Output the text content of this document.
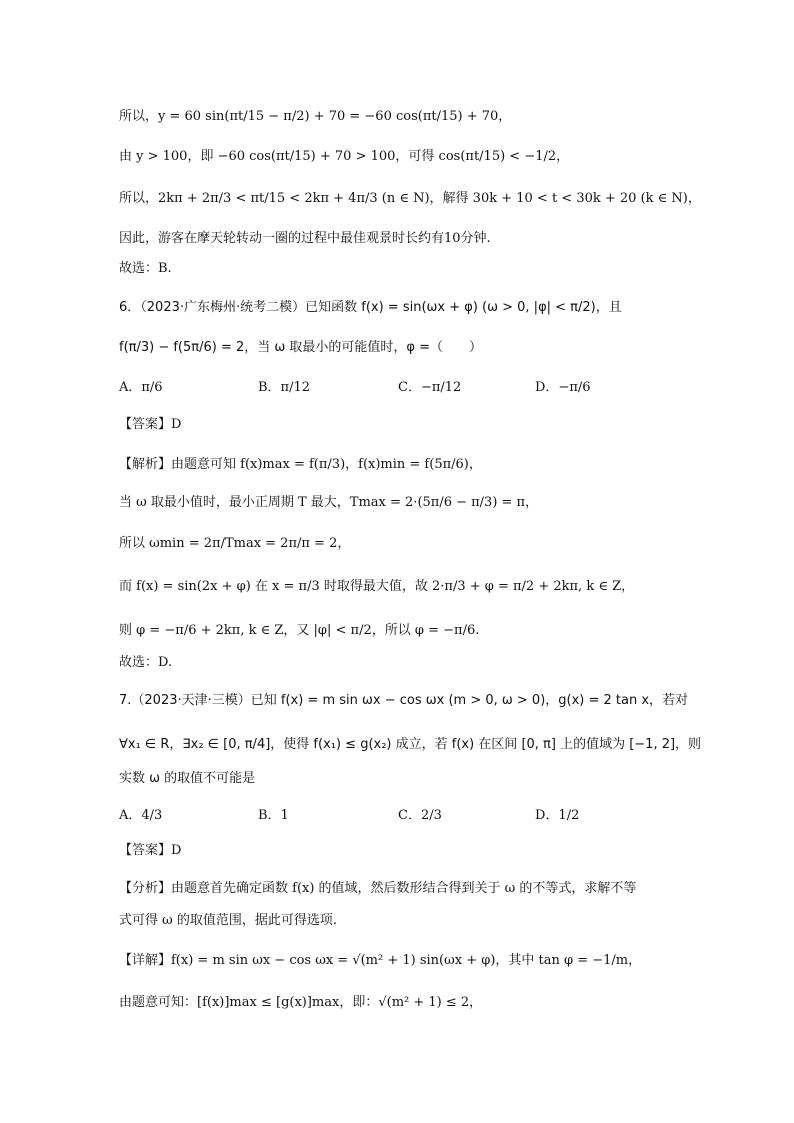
所以，y = 60 sin(πt/15 − π/2) + 70 = −60 cos(πt/15) + 70，
由 y > 100，即 −60 cos(πt/15) + 70 > 100，可得 cos(πt/15) < −1/2，
所以，2kπ + 2π/3 < πt/15 < 2kπ + 4π/3 (n ∈ N)，解得 30k + 10 < t < 30k + 20 (k ∈ N)，
因此，游客在摩天轮转动一圈的过程中最佳观景时长约有10分钟.
故选：B.
6．（2023·广东梅州·统考二模）已知函数 f(x) = sin(ωx + φ) (ω > 0, |φ| < π/2)，且
f(π/3) − f(5π/6) = 2，当 ω 取最小的可能值时，φ =（　　）
A．π/6	B．π/12	C．−π/12	D．−π/6
【答案】D
【解析】由题意可知 f(x)max = f(π/3)，f(x)min = f(5π/6)，
当 ω 取最小值时，最小正周期 T 最大，Tmax = 2·(5π/6 − π/3) = π，
所以 ωmin = 2π/Tmax = 2π/π = 2，
而 f(x) = sin(2x + φ) 在 x = π/3 时取得最大值，故 2·π/3 + φ = π/2 + 2kπ, k ∈ Z，
则 φ = −π/6 + 2kπ, k ∈ Z，又 |φ| < π/2，所以 φ = −π/6.
故选：D.
7.（2023·天津·三模）已知 f(x) = m sin ωx − cos ωx (m > 0, ω > 0)，g(x) = 2 tan x，若对
∀x₁ ∈ R，∃x₂ ∈ [0, π/4]，使得 f(x₁) ≤ g(x₂) 成立，若 f(x) 在区间 [0, π] 上的值域为 [−1, 2]，则
实数 ω 的取值不可能是
A．4/3	B．1	C．2/3	D．1/2
【答案】D
【分析】由题意首先确定函数 f(x) 的值域，然后数形结合得到关于 ω 的不等式，求解不等
式可得 ω 的取值范围，据此可得选项.
【详解】f(x) = m sin ωx − cos ωx = √(m² + 1) sin(ωx + φ)，其中 tan φ = −1/m，
由题意可知：[f(x)]max ≤ [g(x)]max，即：√(m² + 1) ≤ 2，
